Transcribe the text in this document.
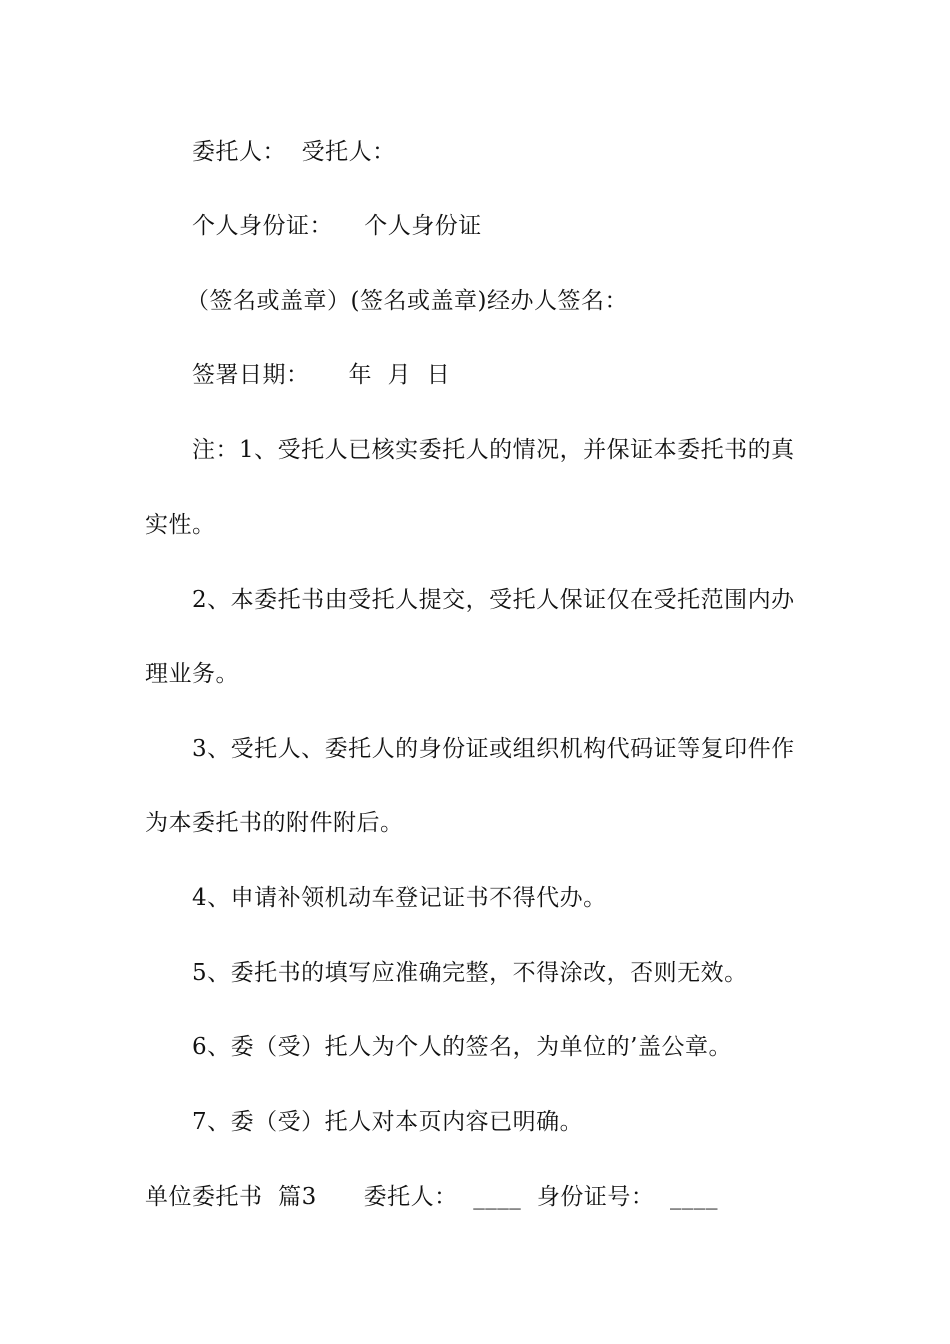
委托人：  受托人：
个人身份证：    个人身份证
（签名或盖章）(签名或盖章)经办人签名：
签署日期：     年  月  日
注：1、受托人已核实委托人的情况，并保证本委托书的真
实性。
2、本委托书由受托人提交，受托人保证仅在受托范围内办
理业务。
3、受托人、委托人的身份证或组织机构代码证等复印件作
为本委托书的附件附后。
4、申请补领机动车登记证书不得代办。
5、委托书的填写应准确完整，不得涂改，否则无效。
6、委（受）托人为个人的签名，为单位的’盖公章。
7、委（受）托人对本页内容已明确。
单位委托书  篇3      委托人：  ____  身份证号：  ____
